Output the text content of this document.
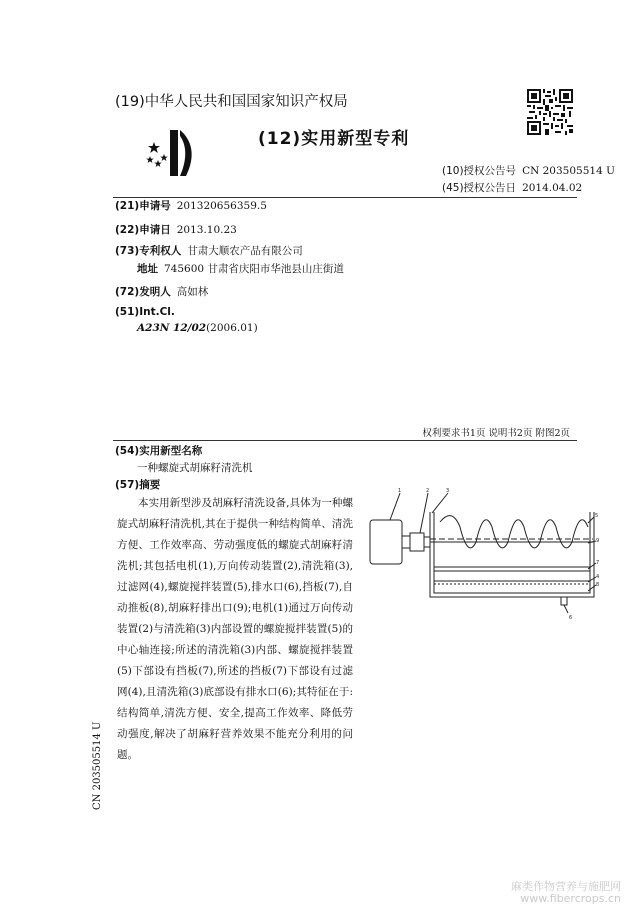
(19)中华人民共和国国家知识产权局
(12)实用新型专利
(10)授权公告号 CN 203505514 U
(45)授权公告日 2014.04.02
(21)申请号 201320656359.5
(22)申请日 2013.10.23
(73)专利权人 甘肃大顺农产品有限公司
地址 745600 甘肃省庆阳市华池县山庄街道
(72)发明人 高如林
(51)Int.Cl.
A23N 12/02(2006.01)
权利要求书1页 说明书2页 附图2页
(54)实用新型名称
一种螺旋式胡麻籽清洗机
(57)摘要
本实用新型涉及胡麻籽清洗设备,具体为一种螺旋式胡麻籽清洗机,其在于提供一种结构简单、清洗方便、工作效率高、劳动强度低的螺旋式胡麻籽清洗机;其包括电机(1),万向传动装置(2),清洗箱(3),过滤网(4),螺旋搅拌装置(5),排水口(6),挡板(7),自动推板(8),胡麻籽排出口(9);电机(1)通过万向传动装置(2)与清洗箱(3)内部设置的螺旋搅拌装置(5)的中心轴连接;所述的清洗箱(3)内部、螺旋搅拌装置(5)下部设有挡板(7),所述的挡板(7)下部设有过滤网(4),且清洗箱(3)底部设有排水口(6);其特征在于:结构简单,清洗方便、安全,提高工作效率、降低劳动强度,解决了胡麻籽营养效果不能充分利用的问题。
1	2	3
5
9
7
4
8
6
CN 203505514 U
麻类作物营养与施肥网
www.fibercrops.cn
